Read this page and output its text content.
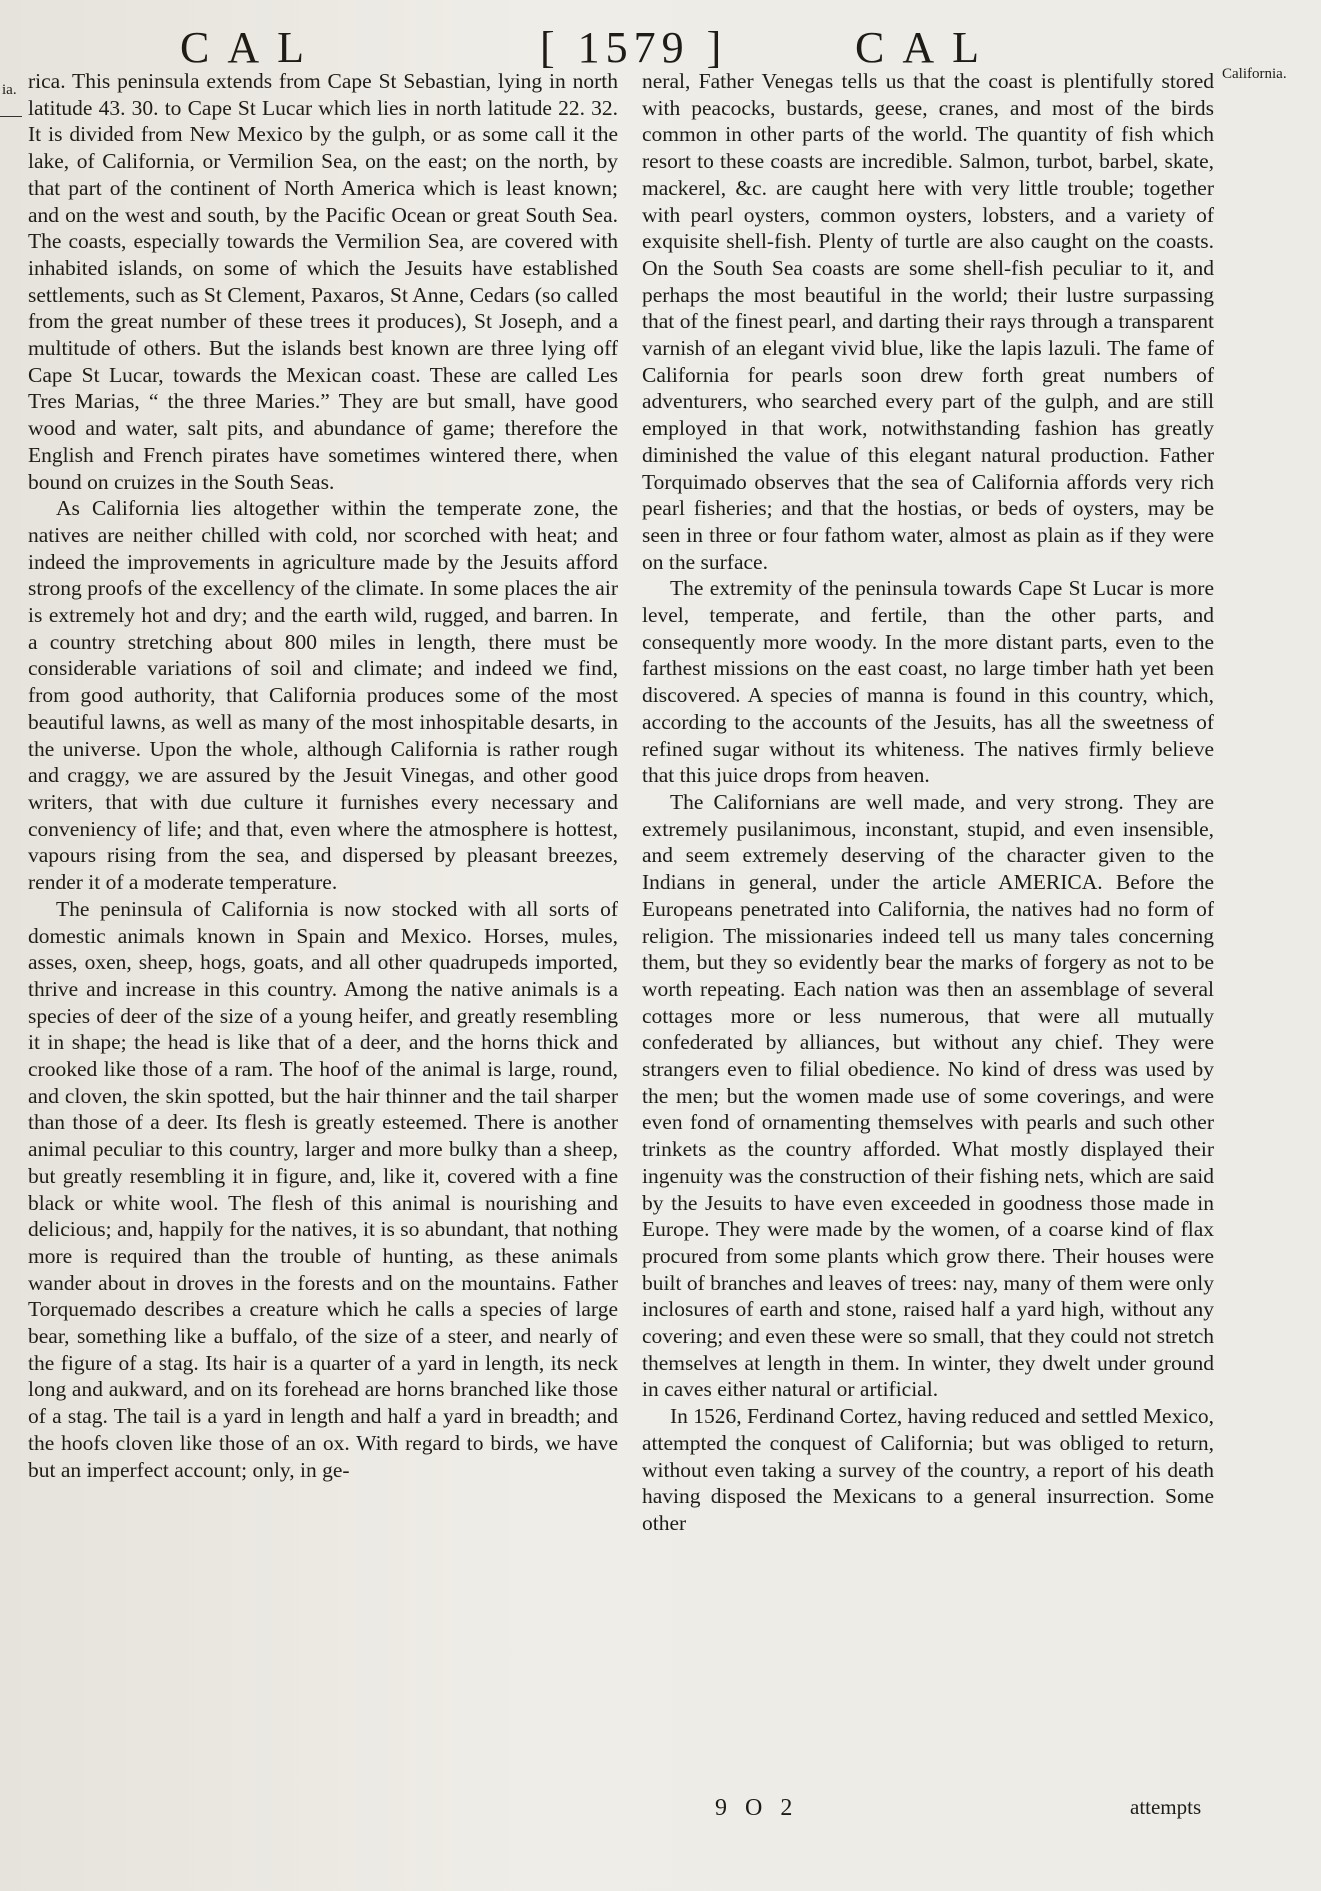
CAL	[ 1579 ]	CAL
California.
ia. rica. This peninsula extends from Cape St Sebastian, lying in north latitude 43. 30. to Cape St Lucar which lies in north latitude 22. 32. It is divided from New Mexico by the gulph, or as some call it the lake, of California, or Vermilion Sea, on the east; on the north, by that part of the continent of North America which is least known; and on the west and south, by the Pacific Ocean or great South Sea. The coasts, especially towards the Vermilion Sea, are covered with inhabited islands, on some of which the Jesuits have established settlements, such as St Clement, Paxaros, St Anne, Cedars (so called from the great number of these trees it produces), St Joseph, and a multitude of others. But the islands best known are three lying off Cape St Lucar, towards the Mexican coast. These are called Les Tres Marias, “ the three Maries.” They are but small, have good wood and water, salt pits, and abundance of game; therefore the English and French pirates have sometimes wintered there, when bound on cruizes in the South Seas.

As California lies altogether within the temperate zone, the natives are neither chilled with cold, nor scorched with heat; and indeed the improvements in agriculture made by the Jesuits afford strong proofs of the excellency of the climate. In some places the air is extremely hot and dry; and the earth wild, rugged, and barren. In a country stretching about 800 miles in length, there must be considerable variations of soil and climate; and indeed we find, from good authority, that California produces some of the most beautiful lawns, as well as many of the most inhospitable desarts, in the universe. Upon the whole, although California is rather rough and craggy, we are assured by the Jesuit Vinegas, and other good writers, that with due culture it furnishes every necessary and conveniency of life; and that, even where the atmosphere is hottest, vapours rising from the sea, and dispersed by pleasant breezes, render it of a moderate temperature.

The peninsula of California is now stocked with all sorts of domestic animals known in Spain and Mexico. Horses, mules, asses, oxen, sheep, hogs, goats, and all other quadrupeds imported, thrive and increase in this country. Among the native animals is a species of deer of the size of a young heifer, and greatly resembling it in shape; the head is like that of a deer, and the horns thick and crooked like those of a ram. The hoof of the animal is large, round, and cloven, the skin spotted, but the hair thinner and the tail sharper than those of a deer. Its flesh is greatly esteemed. There is another animal peculiar to this country, larger and more bulky than a sheep, but greatly resembling it in figure, and, like it, covered with a fine black or white wool. The flesh of this animal is nourishing and delicious; and, happily for the natives, it is so abundant, that nothing more is required than the trouble of hunting, as these animals wander about in droves in the forests and on the mountains. Father Torquemado describes a creature which he calls a species of large bear, something like a buffalo, of the size of a steer, and nearly of the figure of a stag. Its hair is a quarter of a yard in length, its neck long and aukward, and on its forehead are horns branched like those of a stag. The tail is a yard in length and half a yard in breadth; and the hoofs cloven like those of an ox. With regard to birds, we have but an imperfect account; only, in ge-

neral, Father Venegas tells us that the coast is plentifully stored with peacocks, bustards, geese, cranes, and most of the birds common in other parts of the world. The quantity of fish which resort to these coasts are incredible. Salmon, turbot, barbel, skate, mackerel, &c. are caught here with very little trouble; together with pearl oysters, common oysters, lobsters, and a variety of exquisite shell-fish. Plenty of turtle are also caught on the coasts. On the South Sea coasts are some shell-fish peculiar to it, and perhaps the most beautiful in the world; their lustre surpassing that of the finest pearl, and darting their rays through a transparent varnish of an elegant vivid blue, like the lapis lazuli. The fame of California for pearls soon drew forth great numbers of adventurers, who searched every part of the gulph, and are still employed in that work, notwithstanding fashion has greatly diminished the value of this elegant natural production. Father Torquimado observes that the sea of California affords very rich pearl fisheries; and that the hostias, or beds of oysters, may be seen in three or four fathom water, almost as plain as if they were on the surface.

The extremity of the peninsula towards Cape St Lucar is more level, temperate, and fertile, than the other parts, and consequently more woody. In the more distant parts, even to the farthest missions on the east coast, no large timber hath yet been discovered. A species of manna is found in this country, which, according to the accounts of the Jesuits, has all the sweetness of refined sugar without its whiteness. The natives firmly believe that this juice drops from heaven.

The Californians are well made, and very strong. They are extremely pusilanimous, inconstant, stupid, and even insensible, and seem extremely deserving of the character given to the Indians in general, under the article AMERICA. Before the Europeans penetrated into California, the natives had no form of religion. The missionaries indeed tell us many tales concerning them, but they so evidently bear the marks of forgery as not to be worth repeating. Each nation was then an assemblage of several cottages more or less numerous, that were all mutually confederated by alliances, but without any chief. They were strangers even to filial obedience. No kind of dress was used by the men; but the women made use of some coverings, and were even fond of ornamenting themselves with pearls and such other trinkets as the country afforded. What mostly displayed their ingenuity was the construction of their fishing nets, which are said by the Jesuits to have even exceeded in goodness those made in Europe. They were made by the women, of a coarse kind of flax procured from some plants which grow there. Their houses were built of branches and leaves of trees: nay, many of them were only inclosures of earth and stone, raised half a yard high, without any covering; and even these were so small, that they could not stretch themselves at length in them. In winter, they dwelt under ground in caves either natural or artificial.

In 1526, Ferdinand Cortez, having reduced and settled Mexico, attempted the conquest of California; but was obliged to return, without even taking a survey of the country, a report of his death having disposed the Mexicans to a general insurrection. Some other

9 O 2	attempts
